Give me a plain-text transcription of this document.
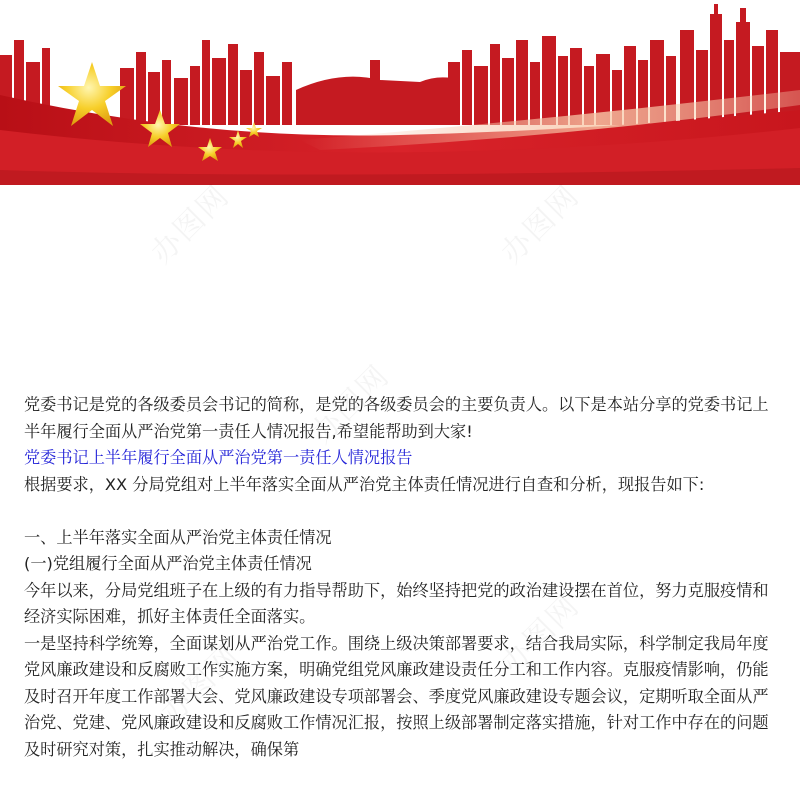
党委书记是党的各级委员会书记的简称，是党的各级委员会的主要负责人。以下是本站分享的党委书记上半年履行全面从严治党第一责任人情况报告,希望能帮助到大家!

党委书记上半年履行全面从严治党第一责任人情况报告

根据要求，XX 分局党组对上半年落实全面从严治党主体责任情况进行自查和分析，现报告如下:

一、上半年落实全面从严治党主体责任情况

(一)党组履行全面从严治党主体责任情况

今年以来，分局党组班子在上级的有力指导帮助下，始终坚持把党的政治建设摆在首位，努力克服疫情和经济实际困难，抓好主体责任全面落实。

一是坚持科学统筹，全面谋划从严治党工作。围绕上级决策部署要求，结合我局实际，科学制定我局年度党风廉政建设和反腐败工作实施方案，明确党组党风廉政建设责任分工和工作内容。克服疫情影响，仍能及时召开年度工作部署大会、党风廉政建设专项部署会、季度党风廉政建设专题会议，定期听取全面从严治党、党建、党风廉政建设和反腐败工作情况汇报，按照上级部署制定落实措施，针对工作中存在的问题及时研究对策，扎实推动解决，确保第
